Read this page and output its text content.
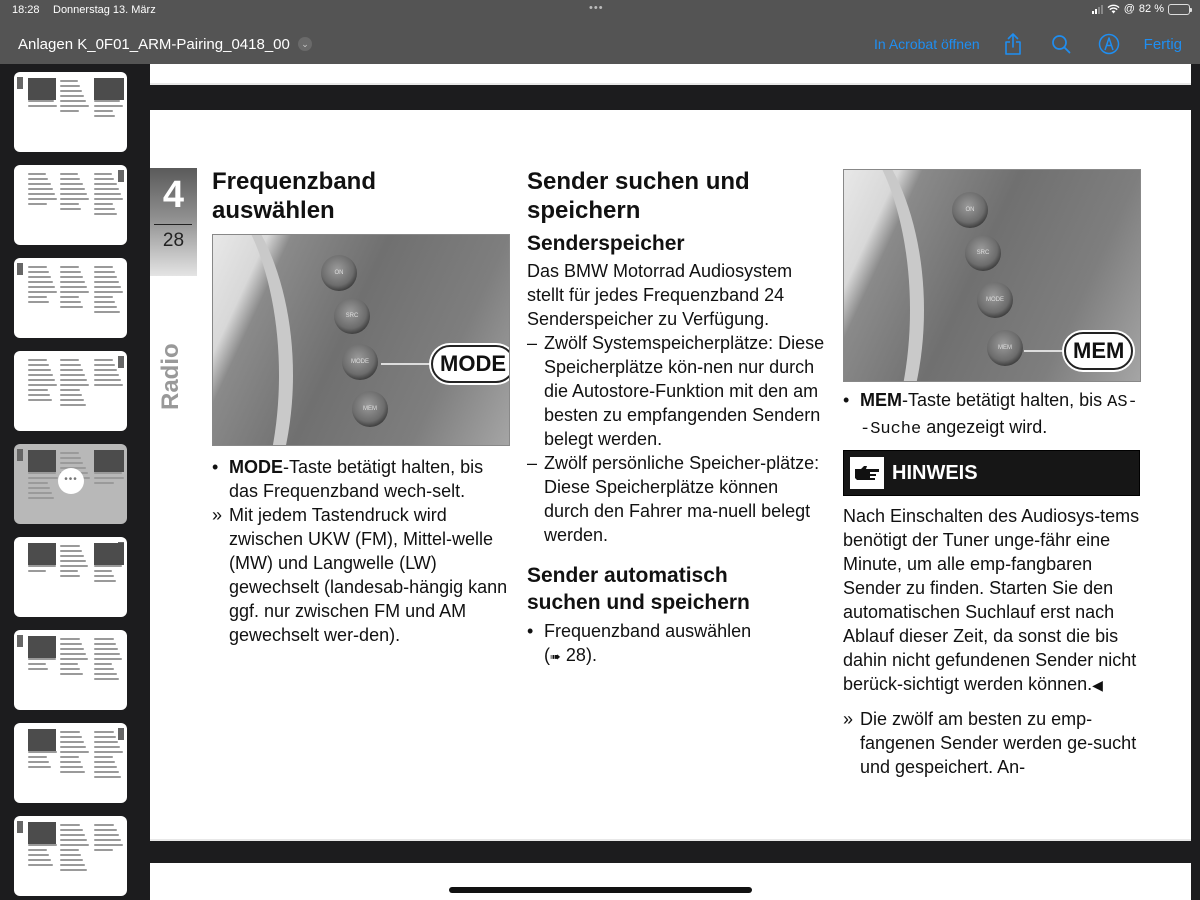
18:28 Donnerstag 13. März	•••	@ 82 %
Anlagen K_0F01_ARM-Pairing_0418_00	⌄	In Acrobat öffnen	Fertig
•••
4
28
Radio
Frequenzband auswählen
ON
SRC
MODE
MEM
MODE
• MODE-Taste betätigt halten, bis das Frequenzband wech-selt.
» Mit jedem Tastendruck wird zwischen UKW (FM), Mittel-welle (MW) und Langwelle (LW) gewechselt (landesab-hängig kann ggf. nur zwischen FM und AM gewechselt wer-den).
Sender suchen und speichern
Senderspeicher

Das BMW Motorrad Audiosystem stellt für jedes Frequenzband 24 Senderspeicher zu Verfügung.

– Zwölf Systemspeicherplätze: Diese Speicherplätze kön-nen nur durch die Autostore-Funktion mit den am besten zu empfangenden Sendern belegt werden.
– Zwölf persönliche Speicher-plätze: Diese Speicherplätze können durch den Fahrer ma-nuell belegt werden.
Sender automatisch suchen und speichern
• Frequenzband auswählen
(➠ 28).
ON
SRC
MODE
MEM	MEM
• MEM-Taste betätigt halten, bis AS--Suche angezeigt wird.
HINWEIS

Nach Einschalten des Audiosys-tems benötigt der Tuner unge-fähr eine Minute, um alle emp-fangbaren Sender zu finden. Starten Sie den automatischen Suchlauf erst nach Ablauf dieser Zeit, da sonst die bis dahin nicht gefundenen Sender nicht berück-sichtigt werden können.◀

» Die zwölf am besten zu emp-fangenen Sender werden ge-sucht und gespeichert. An-
